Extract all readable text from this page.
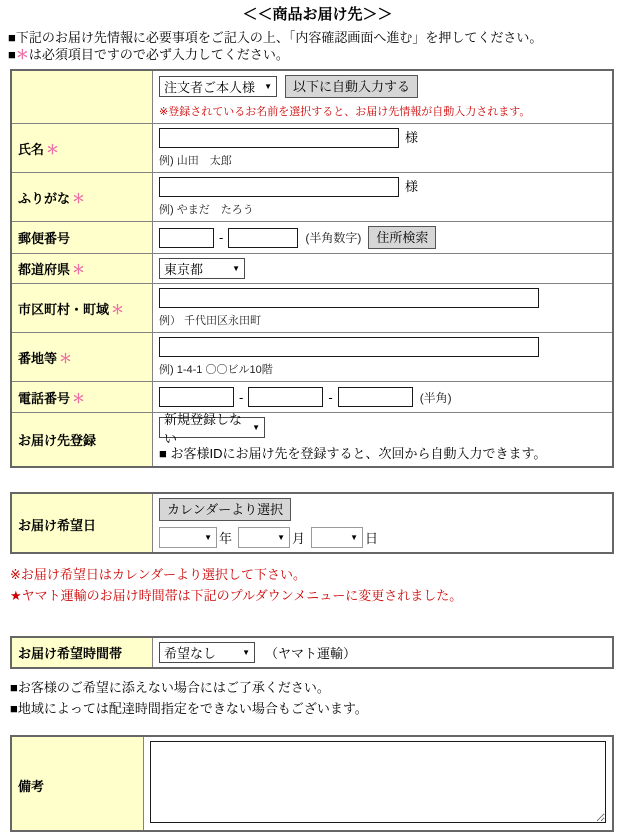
＜＜商品お届け先＞＞
■下記のお届け先情報に必要事項をご記入の上、「内容確認画面へ進む」を押してください。
■＊は必須項目ですので必ず入力してください。

	注文者ご本人様 ▼ 以下に自動入力する
※登録されているお名前を選択すると、お届け先情報が自動入力されます。

氏名 ＊	様
例) 山田　太郎

ふりがな ＊	様
例) やまだ　たろう

郵便番号	- (半角数字) 住所検索

都道府県 ＊	東京都 ▼

市区町村・町域 ＊	例） 千代田区永田町

番地等 ＊	例) 1-4-1 〇〇ビル10階

電話番号 ＊	- - (半角)

お届け先登録	新規登録しない
▼
■ お客様IDにお届け先を登録すると、次回から自動入力できます。
お届け希望日	
カレンダーより選択
▼ 年	▼ 月	▼ 日
※お届け希望日はカレンダーより選択して下さい。
★ヤマト運輸のお届け時間帯は下記のプルダウンメニューに変更されました。
お届け希望時間帯	希望なし	▼ （ヤマト運輸）
■お客様のご希望に添えない場合にはご了承ください。
■地域によっては配達時間指定をできない場合もございます。
備考	
